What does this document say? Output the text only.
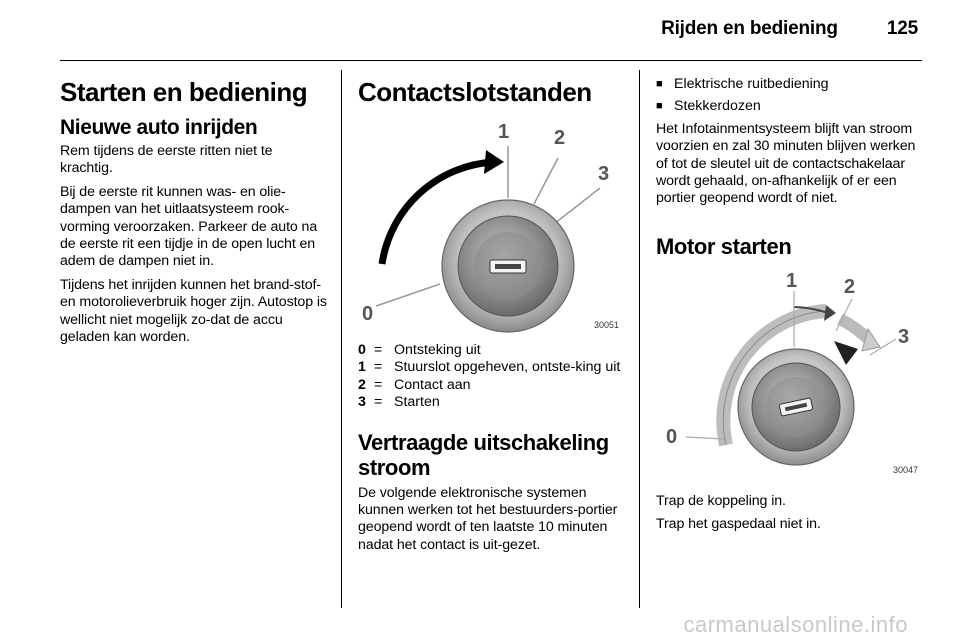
Rijden en bediening	125
Starten en bediening
Nieuwe auto inrijden

Rem tijdens de eerste ritten niet te krachtig.

Bij de eerste rit kunnen was- en olie-dampen van het uitlaatsysteem rook-vorming veroorzaken. Parkeer de auto na de eerste rit een tijdje in de open lucht en adem de dampen niet in.

Tijdens het inrijden kunnen het brand-stof- en motorolieverbruik hoger zijn. Autostop is wellicht niet mogelijk zo-dat de accu geladen kan worden.

Contactslotstanden
1 2
3
0	30051
0 = Ontsteking uit
1 = Stuurslot opgeheven, ontste-king uit
2 = Contact aan
3 = Starten
Vertraagde uitschakeling stroom

De volgende elektronische systemen kunnen werken tot het bestuurders-portier geopend wordt of ten laatste 10 minuten nadat het contact is uit-gezet.

■ Elektrische ruitbediening
■ Stekkerdozen

Het Infotainmentsysteem blijft van stroom voorzien en zal 30 minuten blijven werken of tot de sleutel uit de contactschakelaar wordt gehaald, on-afhankelijk of er een portier geopend wordt of niet.

Motor starten
1 2
3
0
30047

Trap de koppeling in.

Trap het gaspedaal niet in.

carmanualsonline.info
